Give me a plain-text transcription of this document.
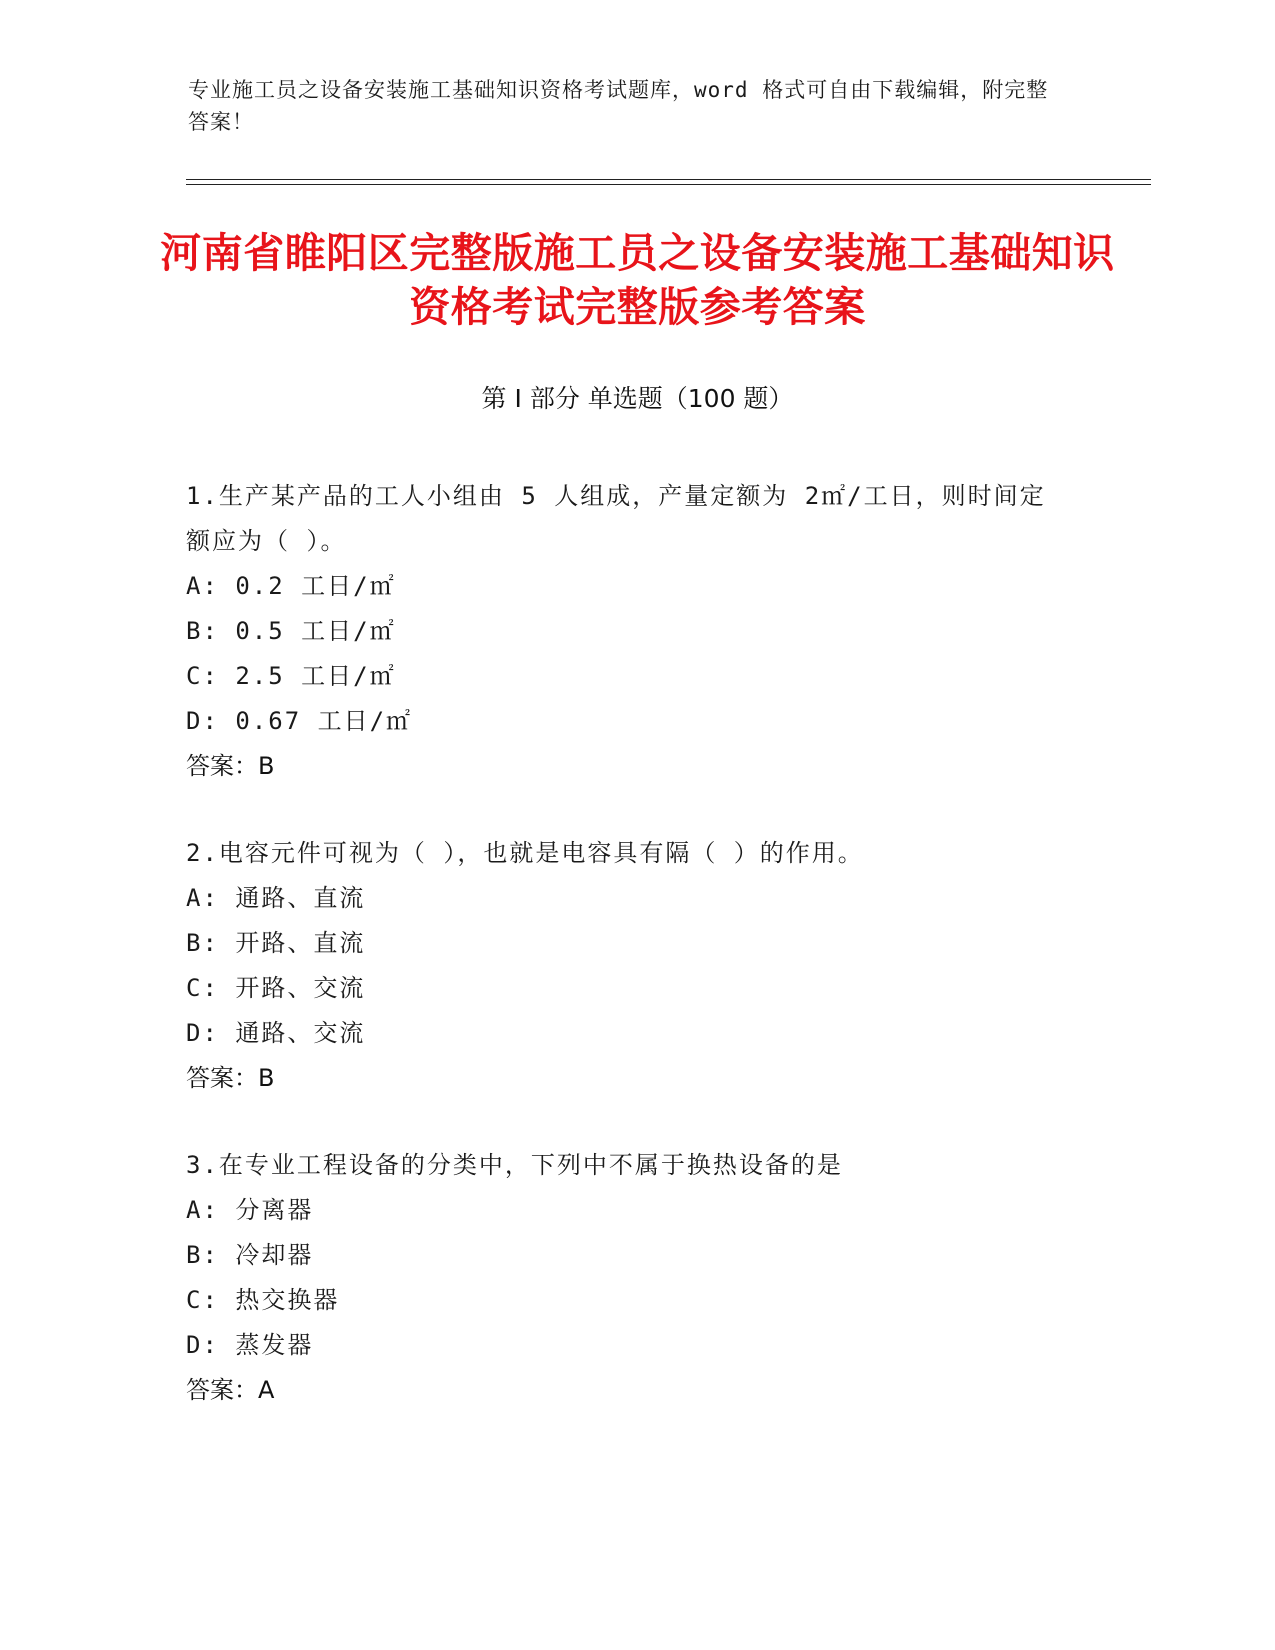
专业施工员之设备安装施工基础知识资格考试题库，word 格式可自由下载编辑，附完整答案！
河南省睢阳区完整版施工员之设备安装施工基础知识资格考试完整版参考答案
第 I 部分 单选题（100 题）

1.生产某产品的工人小组由 5 人组成，产量定额为 2㎡/工日，则时间定额应为（ ）。

A: 0.2 工日/㎡

B: 0.5 工日/㎡

C: 2.5 工日/㎡

D: 0.67 工日/㎡

答案：B

2.电容元件可视为（ ），也就是电容具有隔（ ）的作用。

A: 通路、直流

B: 开路、直流

C: 开路、交流

D: 通路、交流

答案：B

3.在专业工程设备的分类中，下列中不属于换热设备的是

A: 分离器

B: 冷却器

C: 热交换器

D: 蒸发器

答案：A
